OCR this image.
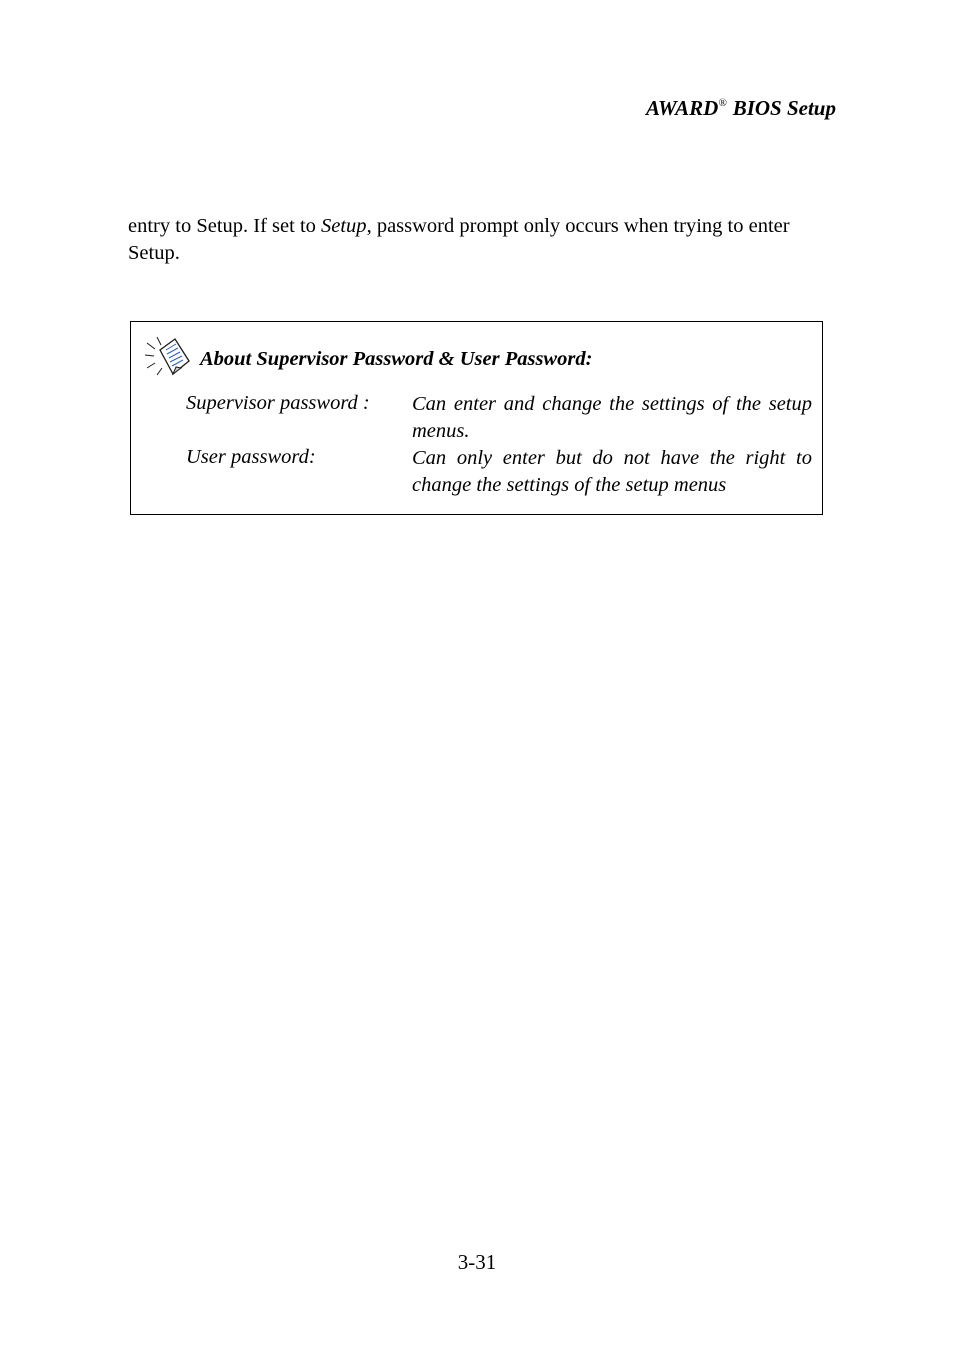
AWARD® BIOS Setup

entry to Setup. If set to Setup, password prompt only occurs when trying to enter Setup.

About Supervisor Password & User Password:
Supervisor password : Can enter and change the settings of the setup menus.
User password:	Can only enter but do not have the right to change the settings of the setup menus
3-31
